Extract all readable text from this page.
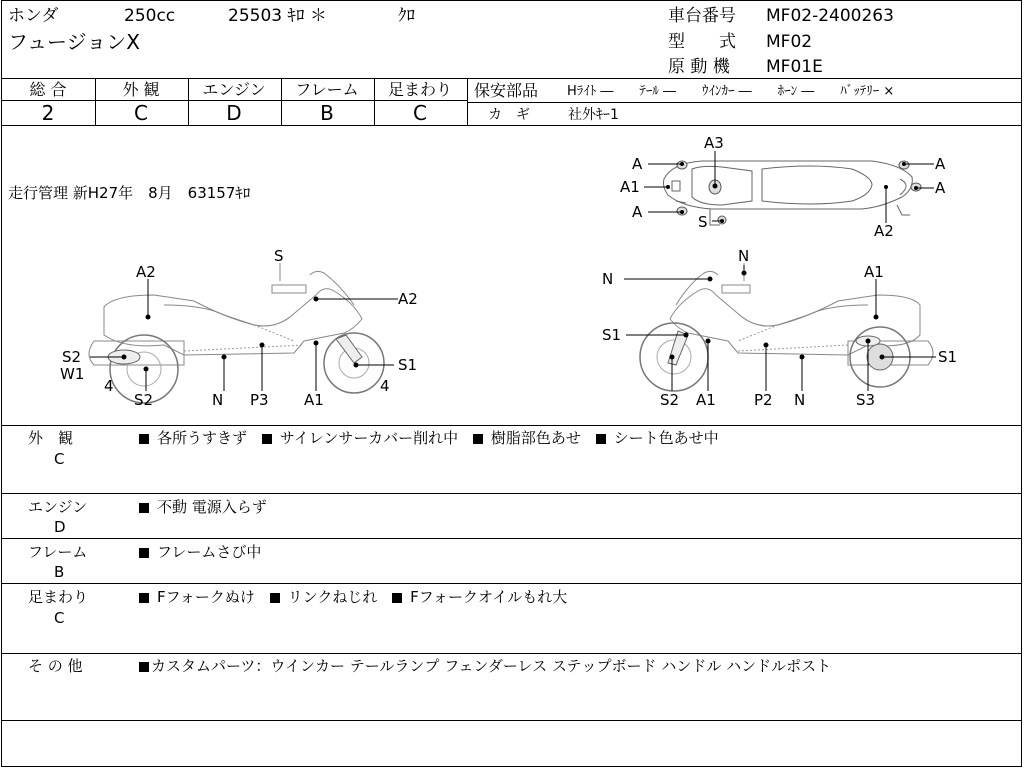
ホンダ	250cc	25503 ｷﾛ ＊	ｸﾛ
フュージョンX
車台番号 MF02-2400263
型　　式 MF02
原 動 機 MF01E
総 合	外 観	エンジン	フレーム	足まわり
2	C	D	B	C
保安部品 Hﾗｲﾄ ―　　ﾃｰﾙ ―　　ｳｲﾝｶｰ ―　　ﾎｰﾝ ―　　ﾊﾞｯﾃﾘｰ ×
カ　ギ	社外ｷｰ1
走行管理 新H27年　8月　63157ｷﾛ
A3
A
A1
A
S
A
A
A2
A2
S
A2
S2
W1
4
S2	N P3 A1
S1
4
N
N
A1
S1
S2 A1	P2 N	S3
S1
外　観
C
各所うすきず サイレンサーカバー削れ中 樹脂部色あせ シート色あせ中
エンジン
D
不動 電源入らず
フレーム
B
フレームさび中
足まわり
C
Fフォークぬけ リンクねじれ Fフォークオイルもれ大
そ の 他	カスタムパーツ：ウインカー テールランプ フェンダーレス ステップボード ハンドル ハンドルポスト
